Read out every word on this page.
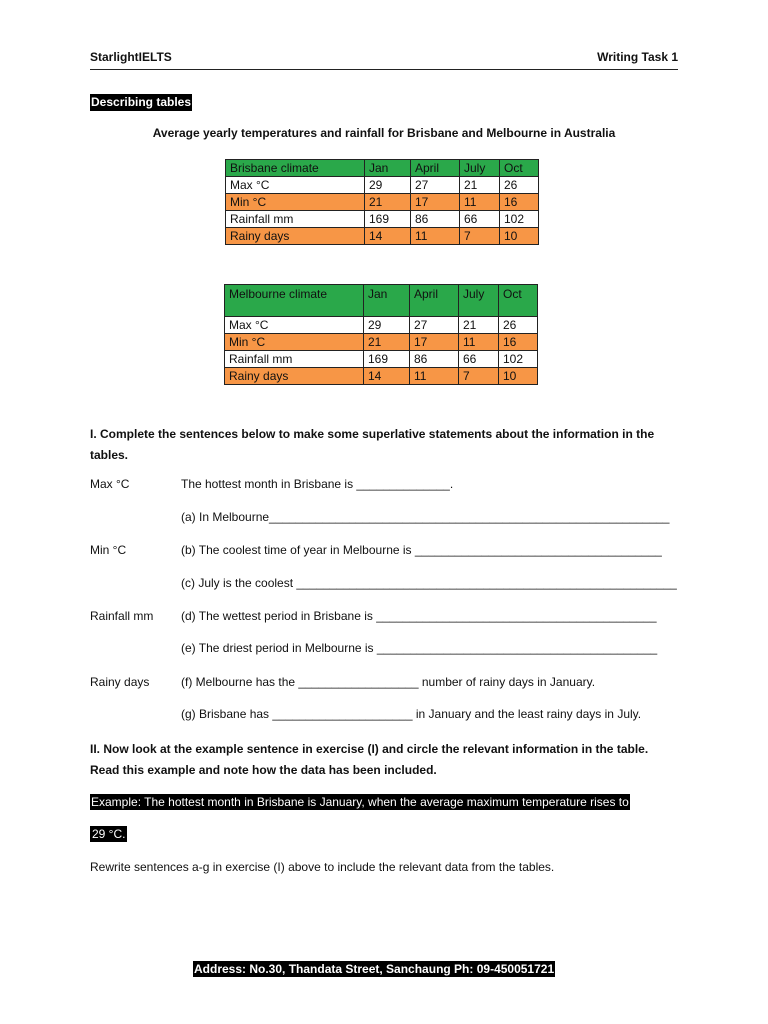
StarlightIELTS	Writing Task 1
Describing tables
Average yearly temperatures and rainfall for Brisbane and Melbourne in Australia
Brisbane climate	Jan	April	July	Oct
Max °C	29	27	21	26
Min °C	21	17	11	16
Rainfall mm	169	86	66	102
Rainy days	14	11	7	10
Melbourne climate	Jan	April	July	Oct
Max °C	29	27	21	26
Min °C	21	17	11	16
Rainfall mm	169	86	66	102
Rainy days	14	11	7	10
I. Complete the sentences below to make some superlative statements about the information in the tables.
Max °C	The hottest month in Brisbane is ______________.
(a) In Melbourne____________________________________________________________
Min °C	(b) The coolest time of year in Melbourne is _____________________________________
(c) July is the coolest _________________________________________________________
Rainfall mm (d) The wettest period in Brisbane is __________________________________________
(e) The driest period in Melbourne is __________________________________________
Rainy days	(f) Melbourne has the __________________ number of rainy days in January.
(g) Brisbane has _____________________ in January and the least rainy days in July.
II. Now look at the example sentence in exercise (I) and circle the relevant information in the table. Read this example and note how the data has been included.
Example: The hottest month in Brisbane is January, when the average maximum temperature rises to
29 °C.
Rewrite sentences a-g in exercise (I) above to include the relevant data from the tables.
Address: No.30, Thandata Street, Sanchaung Ph: 09-450051721
